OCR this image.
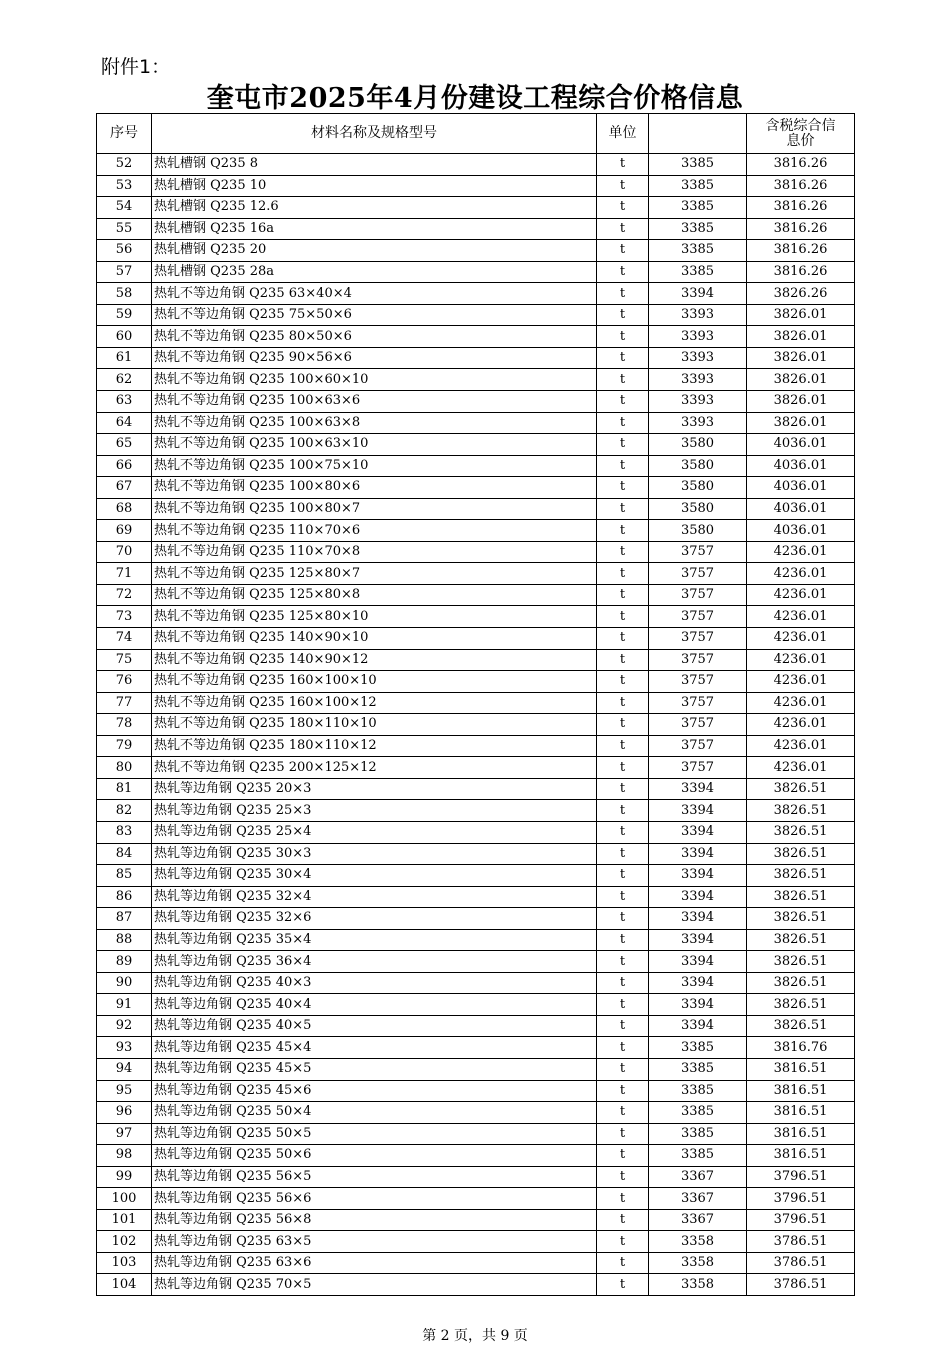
附件1：
奎屯市2025年4月份建设工程综合价格信息
序号	材料名称及规格型号	单位		含税综合信息价
52	热轧槽钢 Q235 8	t	3385	3816.26
53	热轧槽钢 Q235 10	t	3385	3816.26
54	热轧槽钢 Q235 12.6	t	3385	3816.26
55	热轧槽钢 Q235 16a	t	3385	3816.26
56	热轧槽钢 Q235 20	t	3385	3816.26
57	热轧槽钢 Q235 28a	t	3385	3816.26
58	热轧不等边角钢 Q235 63×40×4	t	3394	3826.26
59	热轧不等边角钢 Q235 75×50×6	t	3393	3826.01
60	热轧不等边角钢 Q235 80×50×6	t	3393	3826.01
61	热轧不等边角钢 Q235 90×56×6	t	3393	3826.01
62	热轧不等边角钢 Q235 100×60×10	t	3393	3826.01
63	热轧不等边角钢 Q235 100×63×6	t	3393	3826.01
64	热轧不等边角钢 Q235 100×63×8	t	3393	3826.01
65	热轧不等边角钢 Q235 100×63×10	t	3580	4036.01
66	热轧不等边角钢 Q235 100×75×10	t	3580	4036.01
67	热轧不等边角钢 Q235 100×80×6	t	3580	4036.01
68	热轧不等边角钢 Q235 100×80×7	t	3580	4036.01
69	热轧不等边角钢 Q235 110×70×6	t	3580	4036.01
70	热轧不等边角钢 Q235 110×70×8	t	3757	4236.01
71	热轧不等边角钢 Q235 125×80×7	t	3757	4236.01
72	热轧不等边角钢 Q235 125×80×8	t	3757	4236.01
73	热轧不等边角钢 Q235 125×80×10	t	3757	4236.01
74	热轧不等边角钢 Q235 140×90×10	t	3757	4236.01
75	热轧不等边角钢 Q235 140×90×12	t	3757	4236.01
76	热轧不等边角钢 Q235 160×100×10	t	3757	4236.01
77	热轧不等边角钢 Q235 160×100×12	t	3757	4236.01
78	热轧不等边角钢 Q235 180×110×10	t	3757	4236.01
79	热轧不等边角钢 Q235 180×110×12	t	3757	4236.01
80	热轧不等边角钢 Q235 200×125×12	t	3757	4236.01
81	热轧等边角钢 Q235 20×3	t	3394	3826.51
82	热轧等边角钢 Q235 25×3	t	3394	3826.51
83	热轧等边角钢 Q235 25×4	t	3394	3826.51
84	热轧等边角钢 Q235 30×3	t	3394	3826.51
85	热轧等边角钢 Q235 30×4	t	3394	3826.51
86	热轧等边角钢 Q235 32×4	t	3394	3826.51
87	热轧等边角钢 Q235 32×6	t	3394	3826.51
88	热轧等边角钢 Q235 35×4	t	3394	3826.51
89	热轧等边角钢 Q235 36×4	t	3394	3826.51
90	热轧等边角钢 Q235 40×3	t	3394	3826.51
91	热轧等边角钢 Q235 40×4	t	3394	3826.51
92	热轧等边角钢 Q235 40×5	t	3394	3826.51
93	热轧等边角钢 Q235 45×4	t	3385	3816.76
94	热轧等边角钢 Q235 45×5	t	3385	3816.51
95	热轧等边角钢 Q235 45×6	t	3385	3816.51
96	热轧等边角钢 Q235 50×4	t	3385	3816.51
97	热轧等边角钢 Q235 50×5	t	3385	3816.51
98	热轧等边角钢 Q235 50×6	t	3385	3816.51
99	热轧等边角钢 Q235 56×5	t	3367	3796.51
100	热轧等边角钢 Q235 56×6	t	3367	3796.51
101	热轧等边角钢 Q235 56×8	t	3367	3796.51
102	热轧等边角钢 Q235 63×5	t	3358	3786.51
103	热轧等边角钢 Q235 63×6	t	3358	3786.51
104	热轧等边角钢 Q235 70×5	t	3358	3786.51
第 2 页，共 9 页
